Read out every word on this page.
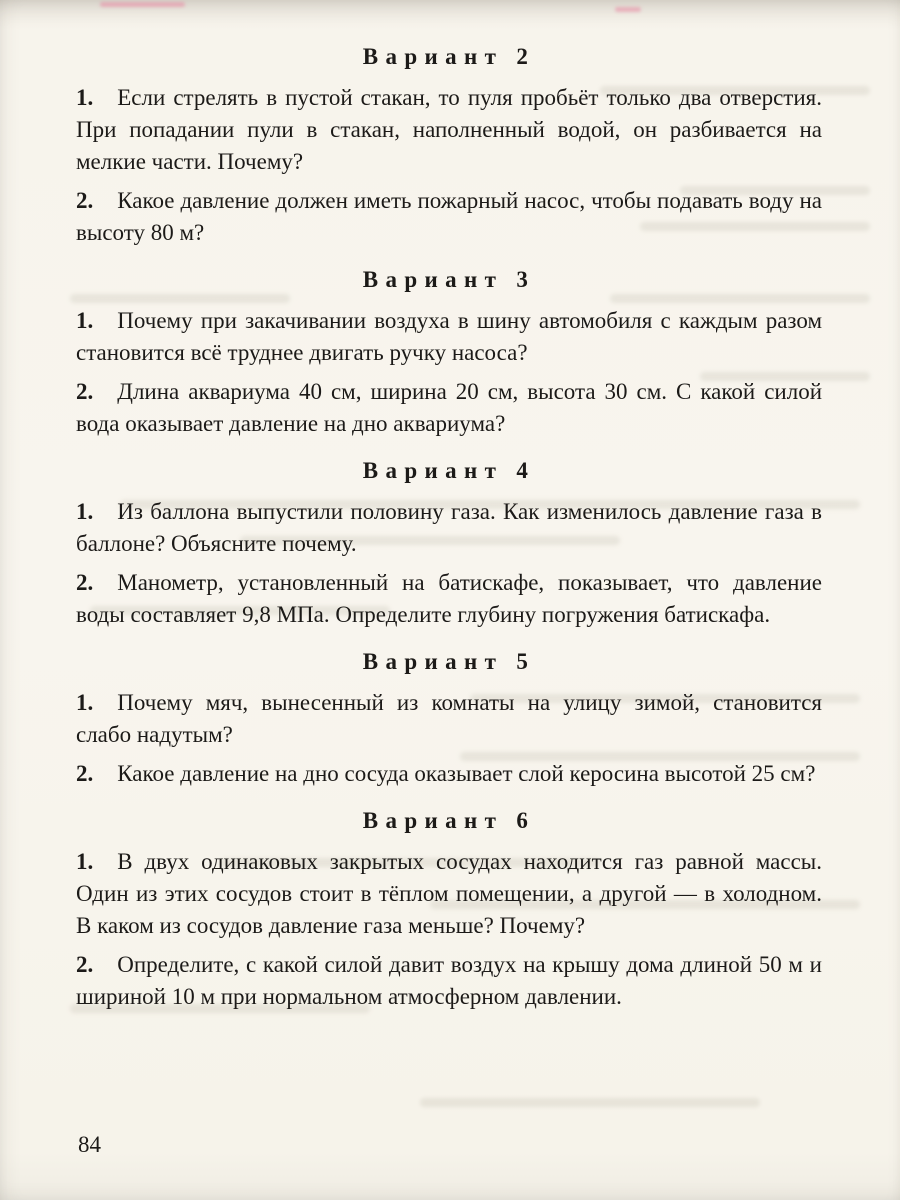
Вариант 2

1. Если стрелять в пустой стакан, то пуля пробьёт только два отверстия. При попадании пули в стакан, наполненный водой, он разбивается на мелкие части. Почему?

2. Какое давление должен иметь пожарный насос, чтобы подавать воду на высоту 80 м?

Вариант 3

1. Почему при закачивании воздуха в шину автомобиля с каждым разом становится всё труднее двигать ручку насоса?

2. Длина аквариума 40 см, ширина 20 см, высота 30 см. С какой силой вода оказывает давление на дно аквариума?

Вариант 4

1. Из баллона выпустили половину газа. Как изменилось давление газа в баллоне? Объясните почему.

2. Манометр, установленный на батискафе, показывает, что давление воды составляет 9,8 МПа. Определите глубину погружения батискафа.

Вариант 5

1. Почему мяч, вынесенный из комнаты на улицу зимой, становится слабо надутым?

2. Какое давление на дно сосуда оказывает слой керосина высотой 25 см?

Вариант 6

1. В двух одинаковых закрытых сосудах находится газ равной массы. Один из этих сосудов стоит в тёплом помещении, а другой — в холодном. В каком из сосудов давление газа меньше? Почему?

2. Определите, с какой силой давит воздух на крышу дома длиной 50 м и шириной 10 м при нормальном атмосферном давлении.

84
